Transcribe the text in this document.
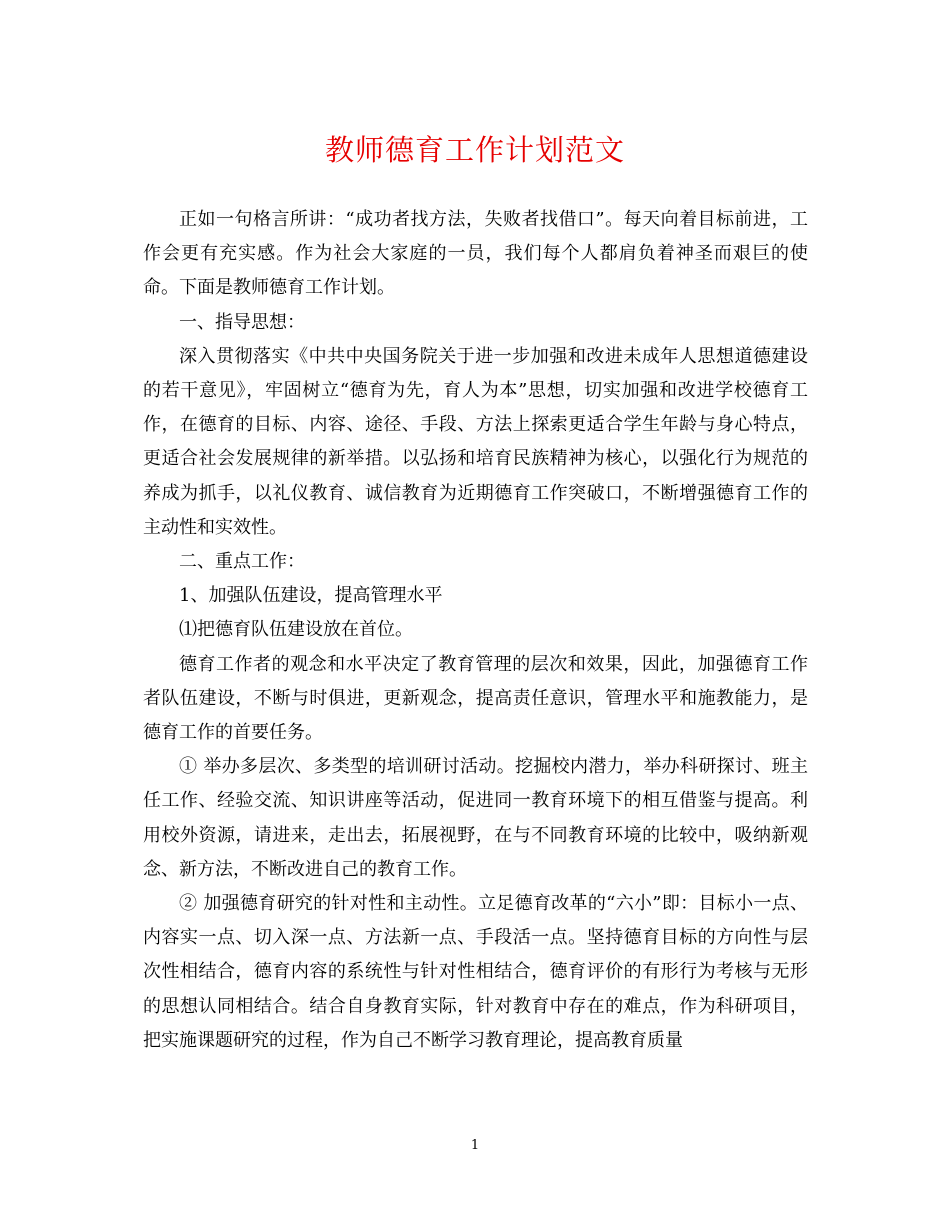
教师德育工作计划范文

正如一句格言所讲：“成功者找方法，失败者找借口”。每天向着目标前进，工作会更有充实感。作为社会大家庭的一员，我们每个人都肩负着神圣而艰巨的使命。下面是教师德育工作计划。

一、指导思想：

深入贯彻落实《中共中央国务院关于进一步加强和改进未成年人思想道德建设的若干意见》，牢固树立“德育为先，育人为本”思想，切实加强和改进学校德育工作，在德育的目标、内容、途径、手段、方法上探索更适合学生年龄与身心特点，更适合社会发展规律的新举措。以弘扬和培育民族精神为核心，以强化行为规范的养成为抓手，以礼仪教育、诚信教育为近期德育工作突破口，不断增强德育工作的主动性和实效性。

二、重点工作：

1、加强队伍建设，提高管理水平

⑴把德育队伍建设放在首位。

德育工作者的观念和水平决定了教育管理的层次和效果，因此，加强德育工作者队伍建设，不断与时俱进，更新观念，提高责任意识，管理水平和施教能力，是德育工作的首要任务。

① 举办多层次、多类型的培训研讨活动。挖掘校内潜力，举办科研探讨、班主任工作、经验交流、知识讲座等活动，促进同一教育环境下的相互借鉴与提高。利用校外资源，请进来，走出去，拓展视野，在与不同教育环境的比较中，吸纳新观念、新方法，不断改进自己的教育工作。

② 加强德育研究的针对性和主动性。立足德育改革的“六小”即：目标小一点、内容实一点、切入深一点、方法新一点、手段活一点。坚持德育目标的方向性与层次性相结合，德育内容的系统性与针对性相结合，德育评价的有形行为考核与无形的思想认同相结合。结合自身教育实际，针对教育中存在的难点，作为科研项目，把实施课题研究的过程，作为自己不断学习教育理论，提高教育质量

1
